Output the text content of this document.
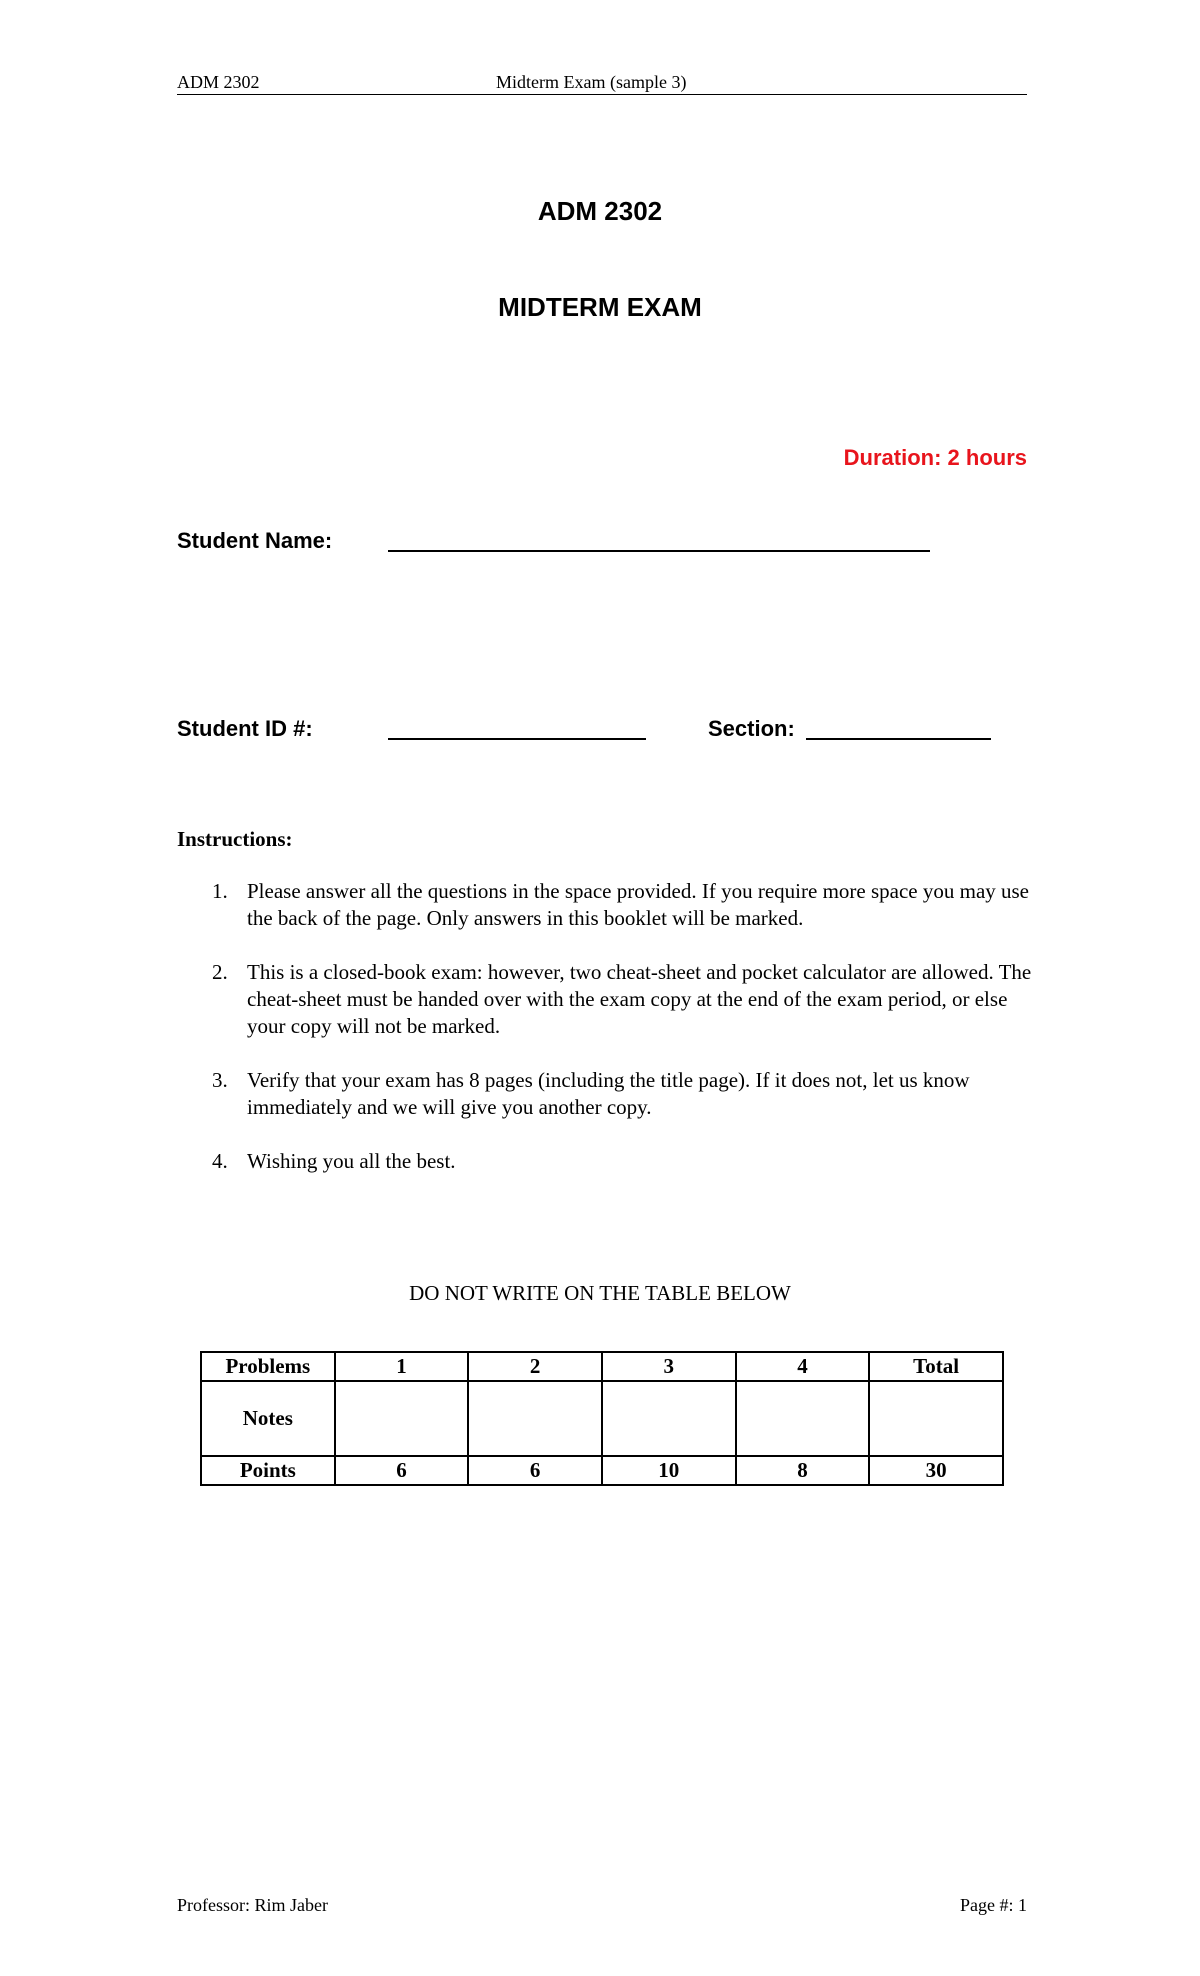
ADM 2302	Midterm Exam (sample 3)
ADM 2302
MIDTERM EXAM
Duration: 2 hours
Student Name:
Student ID #:	Section:
Instructions:
1. Please answer all the questions in the space provided. If you require more space you may use the back of the page. Only answers in this booklet will be marked.
2. This is a closed-book exam: however, two cheat-sheet and pocket calculator are allowed. The cheat-sheet must be handed over with the exam copy at the end of the exam period, or else your copy will not be marked.
3. Verify that your exam has 8 pages (including the title page). If it does not, let us know immediately and we will give you another copy.
4. Wishing you all the best.
DO NOT WRITE ON THE TABLE BELOW
Problems	1	2	3	4	Total
Notes					
Points	6	6	10	8	30
Professor: Rim Jaber	Page #: 1
